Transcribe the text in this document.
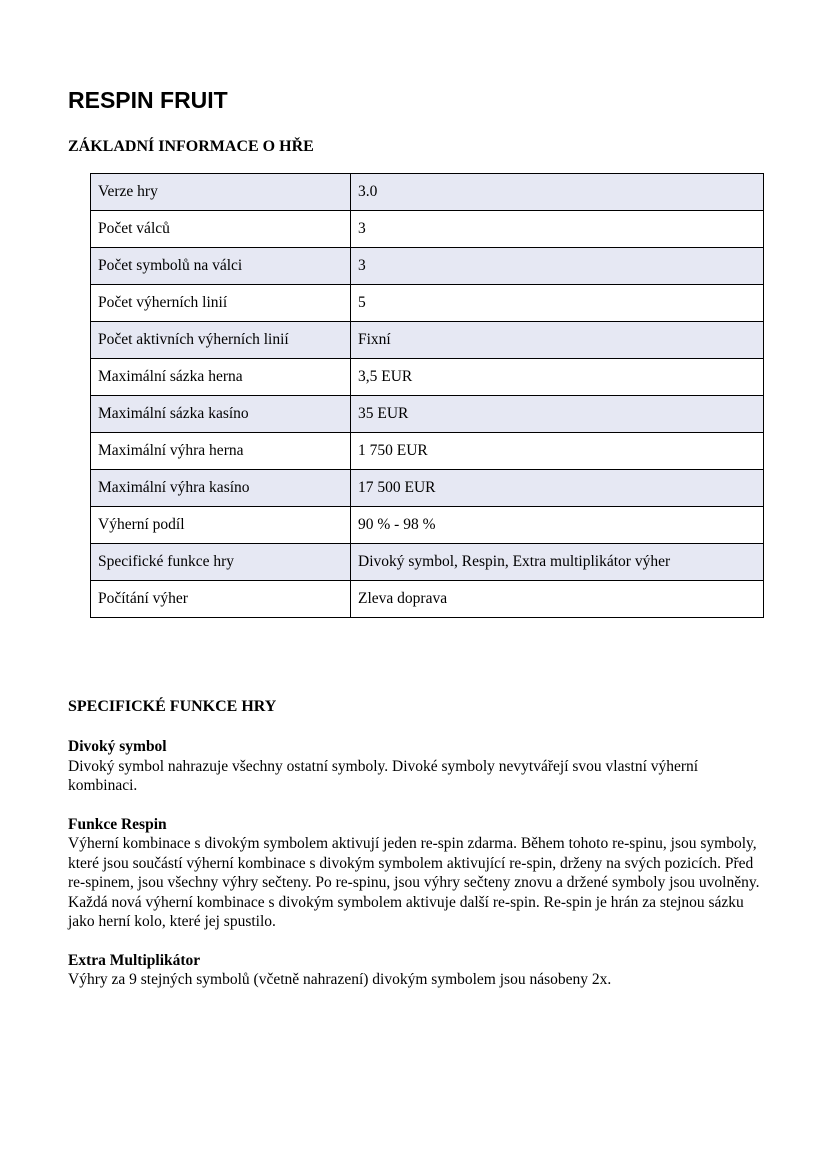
RESPIN FRUIT
ZÁKLADNÍ INFORMACE O HŘE
Verze hry	3.0
Počet válců	3
Počet symbolů na válci	3
Počet výherních linií	5
Počet aktivních výherních linií	Fixní
Maximální sázka herna	3,5 EUR
Maximální sázka kasíno	35 EUR
Maximální výhra herna	1 750 EUR
Maximální výhra kasíno	17 500 EUR
Výherní podíl	90 % - 98 %
Specifické funkce hry	Divoký symbol, Respin, Extra multiplikátor výher
Počítání výher	Zleva doprava
SPECIFICKÉ FUNKCE HRY

Divoký symbol

Divoký symbol nahrazuje všechny ostatní symboly. Divoké symboly nevytvářejí svou vlastní výherní kombinaci.

Funkce Respin

Výherní kombinace s divokým symbolem aktivují jeden re-spin zdarma. Během tohoto re-spinu, jsou symboly, které jsou součástí výherní kombinace s divokým symbolem aktivující re-spin, drženy na svých pozicích. Před re-spinem, jsou všechny výhry sečteny. Po re-spinu, jsou výhry sečteny znovu a držené symboly jsou uvolněny. Každá nová výherní kombinace s divokým symbolem aktivuje další re-spin. Re-spin je hrán za stejnou sázku jako herní kolo, které jej spustilo.

Extra Multiplikátor

Výhry za 9 stejných symbolů (včetně nahrazení) divokým symbolem jsou násobeny 2x.
